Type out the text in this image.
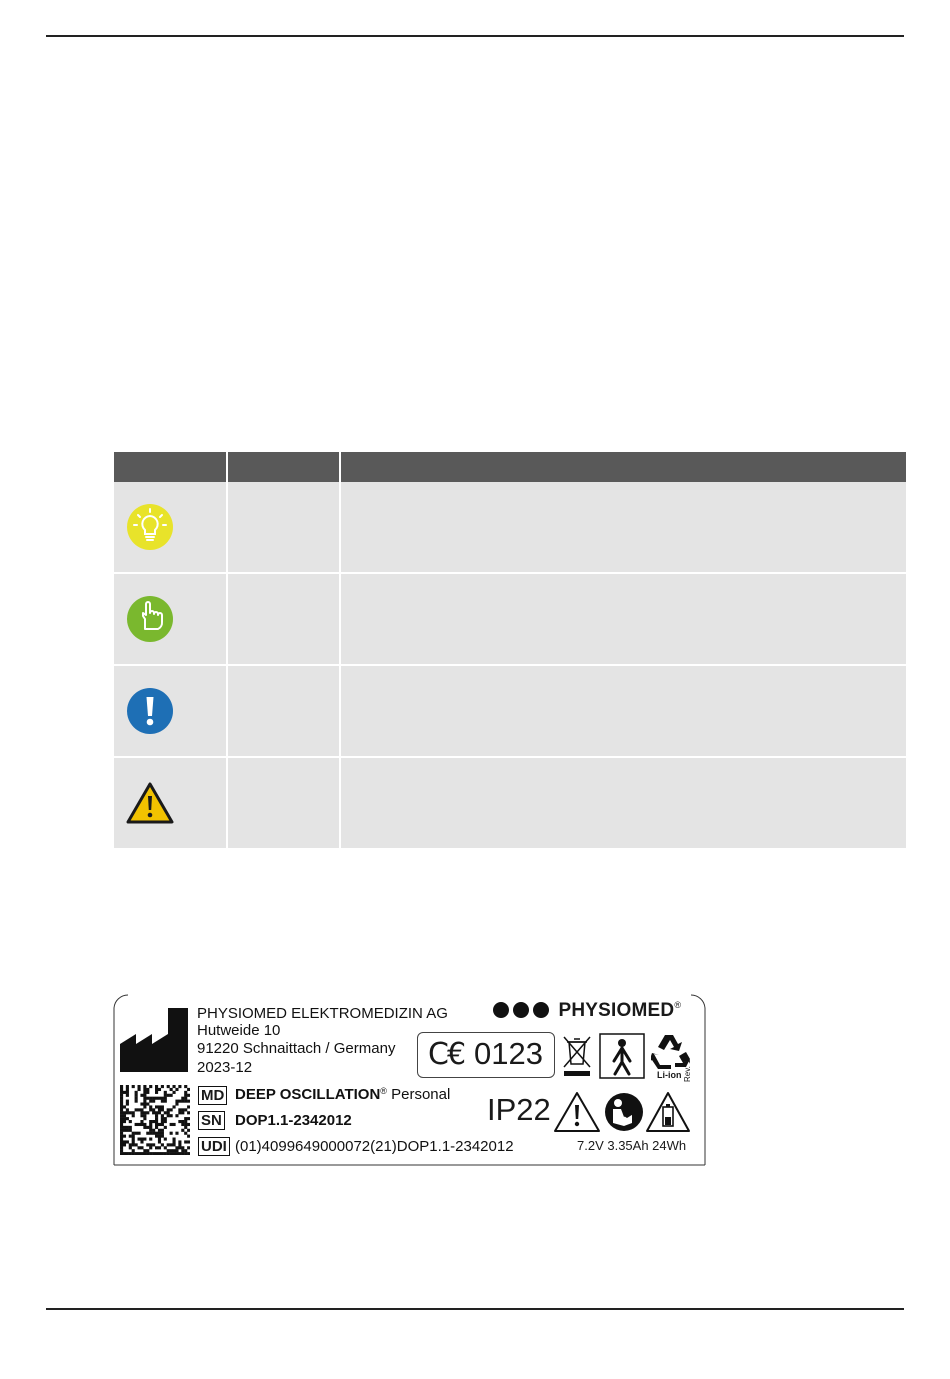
PHYSIOMED ELEKTROMEDIZIN AG
Hutweide 10
91220 Schnaittach / Germany
2023-12
PHYSIOMED®
C€ 0123
Li-ion Rev. 1
MD DEEP OSCILLATION® Personal
SN DOP1.1-2342012
UDI (01)4099649000072(21)DOP1.1-2342012
IP22
7.2V 3.35Ah 24Wh
